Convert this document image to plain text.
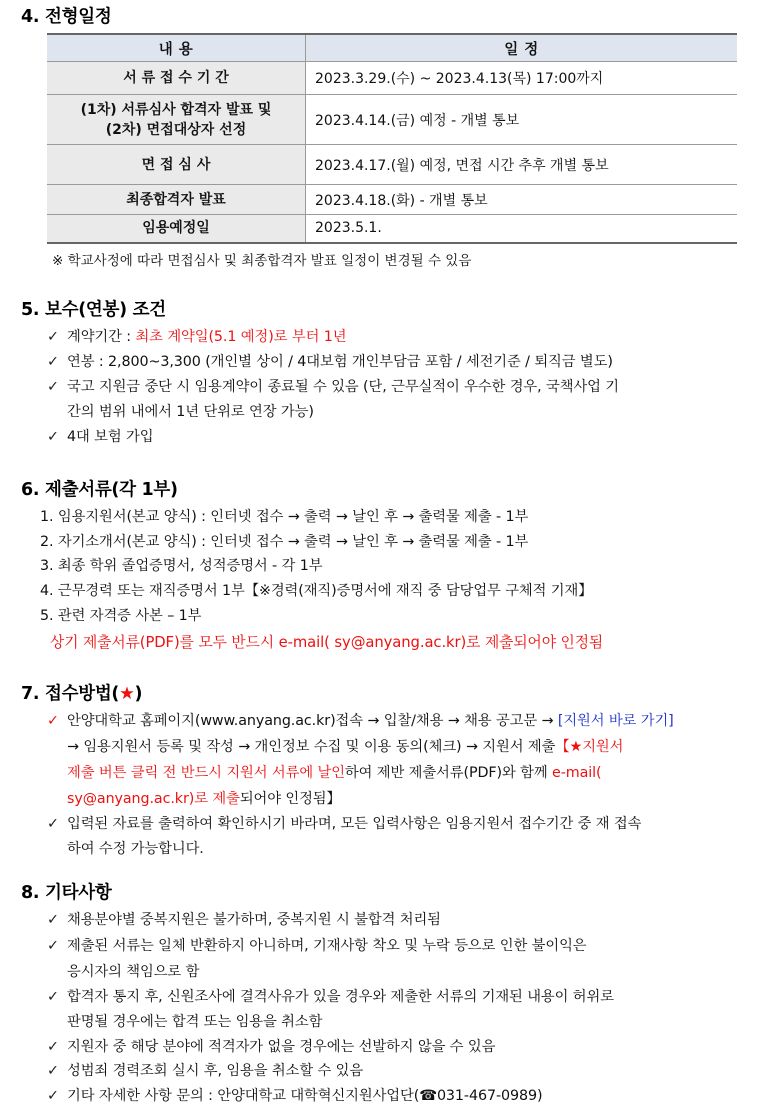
4. 전형일정
내 용	일 정
서 류 접 수 기 간	2023.3.29.(수) ~ 2023.4.13(목) 17:00까지

(1차) 서류심사 합격자 발표 및
(2차) 면접대상자 선정	2023.4.14.(금) 예정 - 개별 통보
면 접 심 사	2023.4.17.(월) 예정, 면접 시간 추후 개별 통보
최종합격자 발표	2023.4.18.(화) - 개별 통보
임용예정일	2023.5.1.
※ 학교사정에 따라 면접심사 및 최종합격자 발표 일정이 변경될 수 있음
5. 보수(연봉) 조건
✓ 계약기간 : 최초 계약일(5.1 예정)로 부터 1년
✓ 연봉 : 2,800~3,300 (개인별 상이 / 4대보험 개인부담금 포함 / 세전기준 / 퇴직금 별도)
✓ 국고 지원금 중단 시 임용계약이 종료될 수 있음 (단, 근무실적이 우수한 경우, 국책사업 기
간의 범위 내에서 1년 단위로 연장 가능)
✓ 4대 보험 가입
6. 제출서류(각 1부)
1. 임용지원서(본교 양식) : 인터넷 접수 → 출력 → 날인 후 → 출력물 제출 - 1부
2. 자기소개서(본교 양식) : 인터넷 접수 → 출력 → 날인 후 → 출력물 제출 - 1부
3. 최종 학위 졸업증명서, 성적증명서 - 각 1부
4. 근무경력 또는 재직증명서 1부【※경력(재직)증명서에 재직 중 담당업무 구체적 기재】
5. 관련 자격증 사본 – 1부
상기 제출서류(PDF)를 모두 반드시 e-mail( sy@anyang.ac.kr)로 제출되어야 인정됨
7. 접수방법(★)
✓ 안양대학교 홈페이지(www.anyang.ac.kr)접속 → 입찰/채용 → 채용 공고문 → [지원서 바로 가기]
→ 임용지원서 등록 및 작성 → 개인정보 수집 및 이용 동의(체크) → 지원서 제출【★지원서
제출 버튼 클릭 전 반드시 지원서 서류에 날인하여 제반 제출서류(PDF)와 함께 e-mail(
sy@anyang.ac.kr)로 제출되어야 인정됨】
✓ 입력된 자료를 출력하여 확인하시기 바라며, 모든 입력사항은 임용지원서 접수기간 중 재 접속
하여 수정 가능합니다.
8. 기타사항
✓ 채용분야별 중복지원은 불가하며, 중복지원 시 불합격 처리됨
✓ 제출된 서류는 일체 반환하지 아니하며, 기재사항 착오 및 누락 등으로 인한 불이익은
응시자의 책임으로 함
✓ 합격자 통지 후, 신원조사에 결격사유가 있을 경우와 제출한 서류의 기재된 내용이 허위로
판명될 경우에는 합격 또는 임용을 취소함
✓ 지원자 중 해당 분야에 적격자가 없을 경우에는 선발하지 않을 수 있음
✓ 성범죄 경력조회 실시 후, 임용을 취소할 수 있음
✓ 기타 자세한 사항 문의 : 안양대학교 대학혁신지원사업단(☎031-467-0989)
